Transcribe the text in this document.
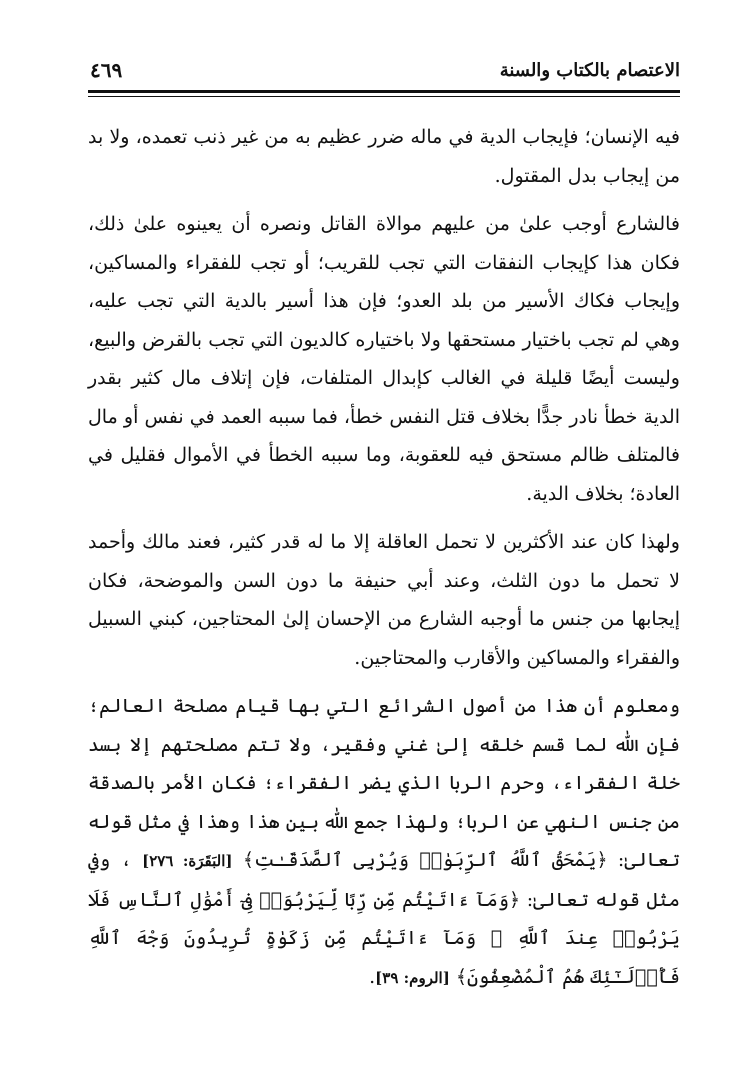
الاعتصام بالكتاب والسنة
٤٦٩

فيه الإنسان؛ فإيجاب الدية في ماله ضرر عظيم به من غير ذنب تعمده، ولا بد من إيجاب بدل المقتول.

فالشارع أوجب علىٰ من عليهم موالاة القاتل ونصره أن يعينوه علىٰ ذلك، فكان هذا كإيجاب النفقات التي تجب للقريب؛ أو تجب للفقراء والمساكين، وإيجاب فكاك الأسير من بلد العدو؛ فإن هذا أسير بالدية التي تجب عليه، وهي لم تجب باختيار مستحقها ولا باختياره كالديون التي تجب بالقرض والبيع، وليست أيضًا قليلة في الغالب كإبدال المتلفات، فإن إتلاف مال كثير بقدر الدية خطأ نادر جدًّا بخلاف قتل النفس خطأ، فما سببه العمد في نفس أو مال فالمتلف ظالم مستحق فيه للعقوبة، وما سببه الخطأ في الأموال فقليل في العادة؛ بخلاف الدية.

ولهذا كان عند الأكثرين لا تحمل العاقلة إلا ما له قدر كثير، فعند مالك وأحمد لا تحمل ما دون الثلث، وعند أبي حنيفة ما دون السن والموضحة، فكان إيجابها من جنس ما أوجبه الشارع من الإحسان إلىٰ المحتاجين، كبني السبيل والفقراء والمساكين والأقارب والمحتاجين.

ومعلوم أن هذا من أصول الشرائع التي بها قيام مصلحة العالم؛ فإن اللّٰه لما قسم خلقه إلىٰ غني وفقير، ولا تتم مصلحتهم إلا بسد خلة الفقراء، وحرم الربا الذي يضر الفقراء؛ فكان الأمر بالصدقة من جنس النهي عن الربا؛ ولهذا جمع اللّٰه بين هذا وهذا في مثل قوله تعالىٰ: ﴿يَمْحَقُ ٱللَّهُ ٱلرِّبَوٰا۟ وَيُرْبِى ٱلصَّدَقَـٰتِ﴾ [البَقَرَة: ٢٧٦] ، وفي مثل قوله تعالىٰ: ﴿وَمَآ ءَاتَيْتُم مِّن رِّبًا لِّيَرْبُوَا۟ فِىٓ أَمْوَٰلِ ٱلنَّاسِ فَلَا يَرْبُوا۟ عِندَ ٱللَّهِ ۖ وَمَآ ءَاتَيْتُم مِّن زَكَوٰةٍ تُرِيدُونَ وَجْهَ ٱللَّهِ فَأُو۟لَـٰٓئِكَ هُمُ ٱلْمُضْعِفُونَ﴾ [الروم: ٣٩].
